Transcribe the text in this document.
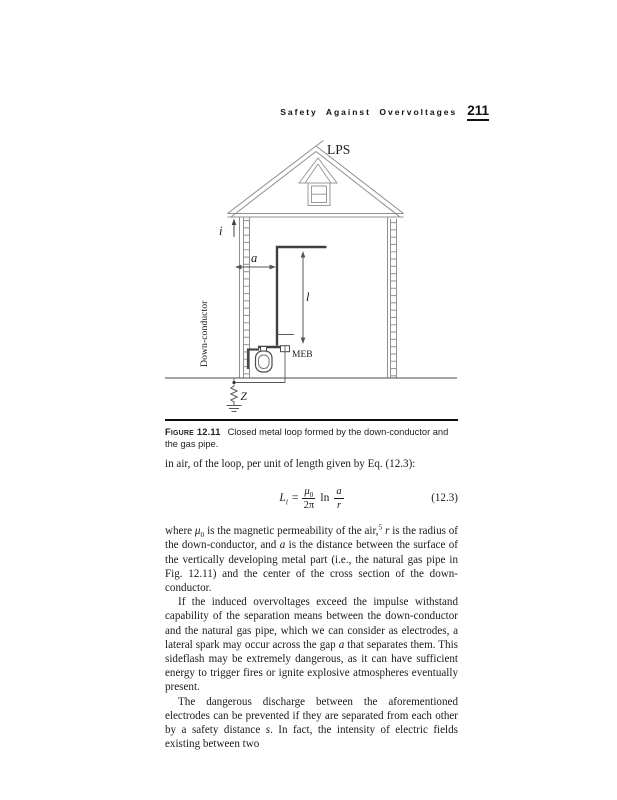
Safety Against Overvoltages 211
LPS
i
a
l
MEB
Down-conductor
Z
Figure 12.11 Closed metal loop formed by the down-conductor and the gas pipe.

in air, of the loop, per unit of length given by Eq. (12.3):

$L_l = \frac{\mu_0}{2\pi}$ $\ln \frac{a}{r}$	(12.3)

where $\mu_0$ is the magnetic permeability of the air,$^5$ r is the radius of the down-conductor, and a is the distance between the surface of the vertically developing metal part (i.e., the natural gas pipe in Fig. 12.11) and the center of the cross section of the down-conductor.

If the induced overvoltages exceed the impulse withstand capability of the separation means between the down-conductor and the natural gas pipe, which we can consider as electrodes, a lateral spark may occur across the gap a that separates them. This sideflash may be extremely dangerous, as it can have sufficient energy to trigger fires or ignite explosive atmospheres eventually present.

The dangerous discharge between the aforementioned electrodes can be prevented if they are separated from each other by a safety distance s. In fact, the intensity of electric fields existing between two
